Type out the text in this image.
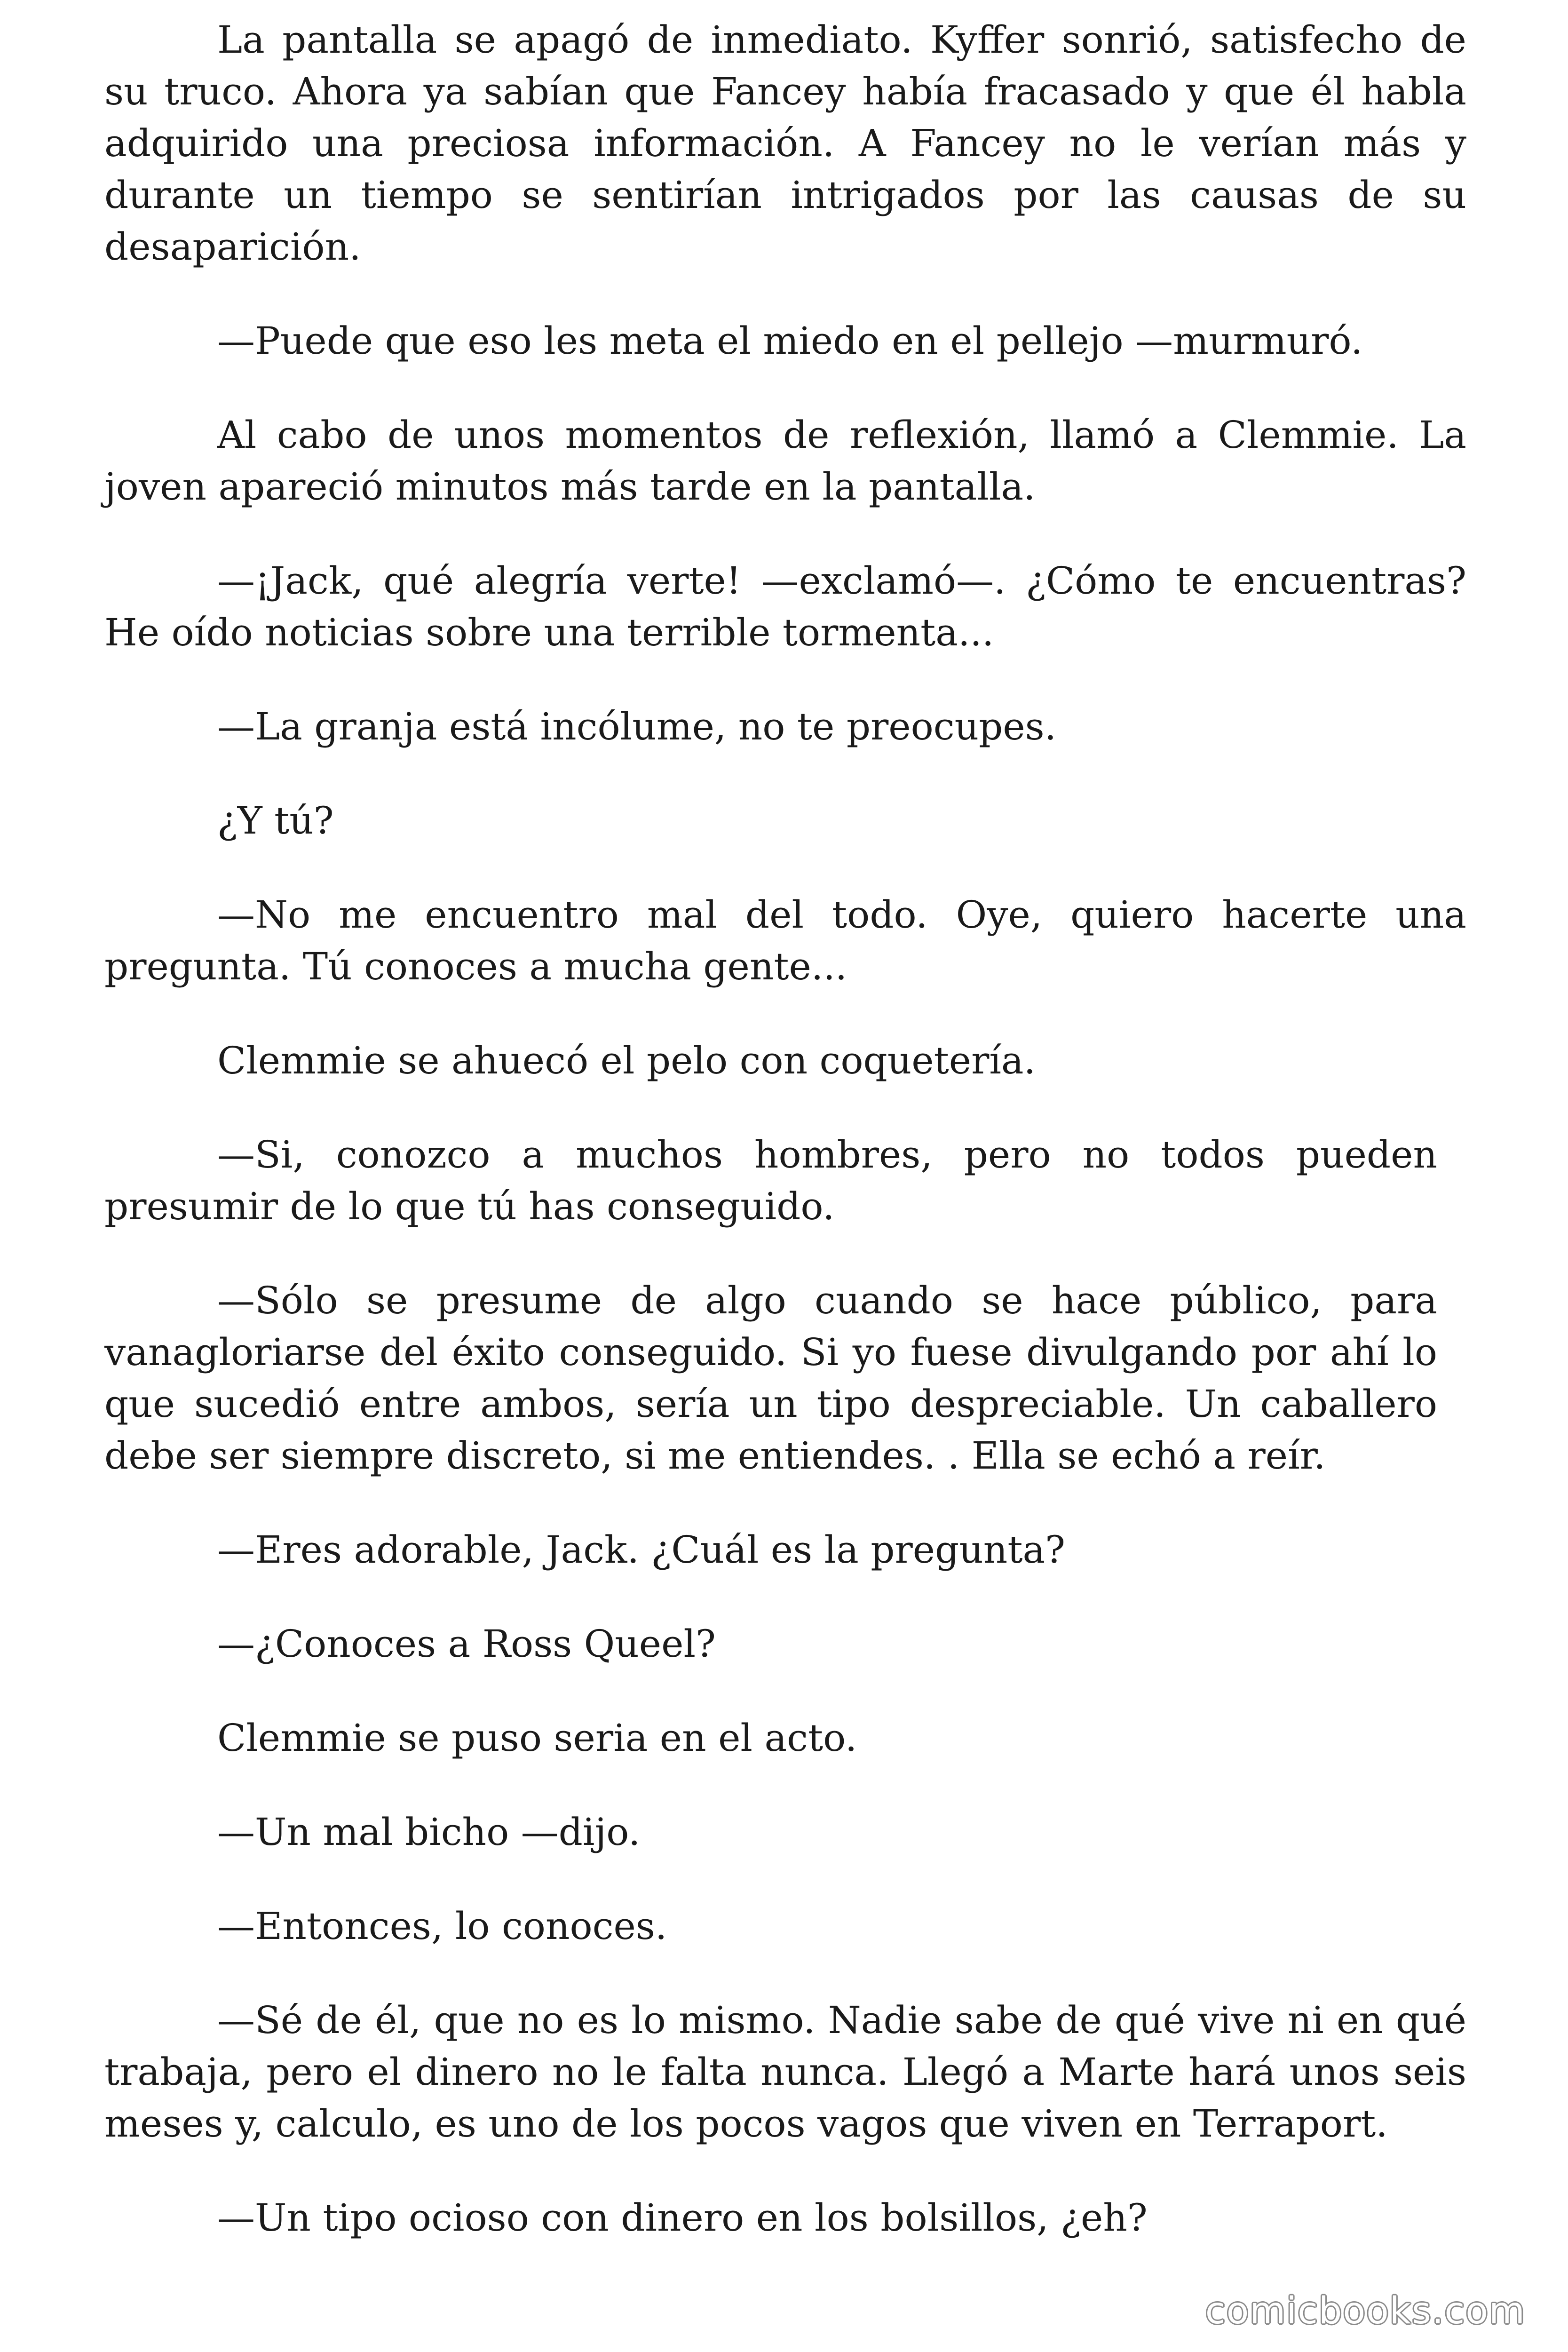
La pantalla se apagó de inmediato. Kyffer sonrió, satisfecho de su truco. Ahora ya sabían que Fancey había fracasado y que él habla adquirido una preciosa información. A Fancey no le verían más y durante un tiempo se sentirían intrigados por las causas de su desaparición.

—Puede que eso les meta el miedo en el pellejo —murmuró.

Al cabo de unos momentos de reflexión, llamó a Clemmie. La joven apareció minutos más tarde en la pantalla.

—¡Jack, qué alegría verte! —exclamó—. ¿Cómo te encuentras? He oído noticias sobre una terrible tormenta...

—La granja está incólume, no te preocupes.

¿Y tú?

—No me encuentro mal del todo. Oye, quiero hacerte una pregunta. Tú conoces a mucha gente...

Clemmie se ahuecó el pelo con coquetería.

—Si, conozco a muchos hombres, pero no todos pueden presumir de lo que tú has conseguido.

—Sólo se presume de algo cuando se hace público, para vanagloriarse del éxito conseguido. Si yo fuese divulgando por ahí lo que sucedió entre ambos, sería un tipo despreciable. Un caballero debe ser siempre discreto, si me entiendes. . Ella se echó a reír.

—Eres adorable, Jack. ¿Cuál es la pregunta?

—¿Conoces a Ross Queel?

Clemmie se puso seria en el acto.

—Un mal bicho —dijo.

—Entonces, lo conoces.

—Sé de él, que no es lo mismo. Nadie sabe de qué vive ni en qué trabaja, pero el dinero no le falta nunca. Llegó a Marte hará unos seis meses y, calculo, es uno de los pocos vagos que viven en Terraport.

—Un tipo ocioso con dinero en los bolsillos, ¿eh?

comicbooks.com
